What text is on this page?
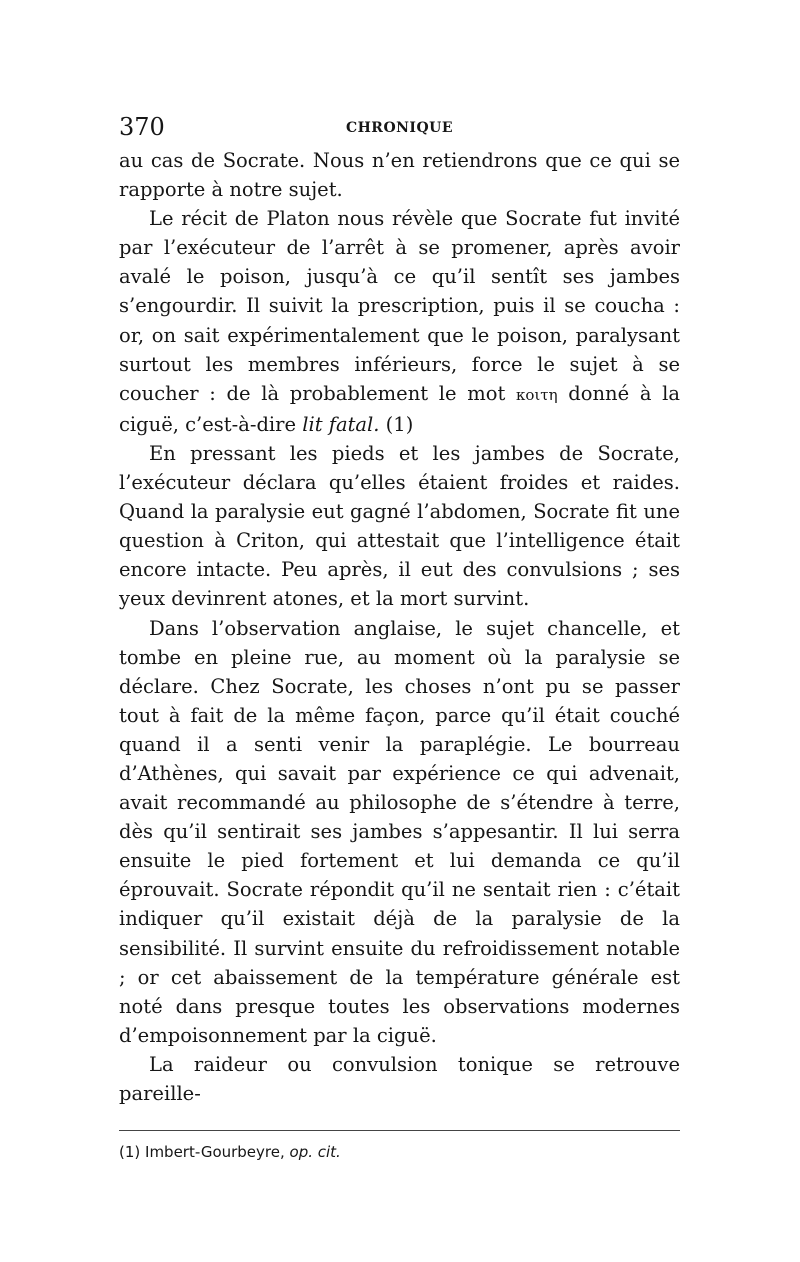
370	CHRONIQUE

au cas de Socrate. Nous n’en retiendrons que ce qui se rapporte à notre sujet.

Le récit de Platon nous révèle que Socrate fut invité par l’exécuteur de l’arrêt à se promener, après avoir avalé le poison, jusqu’à ce qu’il sentît ses jambes s’engourdir. Il suivit la prescription, puis il se coucha : or, on sait expérimentalement que le poison, paralysant surtout les membres inférieurs, force le sujet à se coucher : de là probablement le mot κοιτη donné à la ciguë, c’est-à-dire lit fatal. (1)

En pressant les pieds et les jambes de Socrate, l’exécuteur déclara qu’elles étaient froides et raides. Quand la paralysie eut gagné l’abdomen, Socrate fit une question à Criton, qui attestait que l’intelligence était encore intacte. Peu après, il eut des convulsions ; ses yeux devinrent atones, et la mort survint.

Dans l’observation anglaise, le sujet chancelle, et tombe en pleine rue, au moment où la paralysie se déclare. Chez Socrate, les choses n’ont pu se passer tout à fait de la même façon, parce qu’il était couché quand il a senti venir la paraplégie. Le bourreau d’Athènes, qui savait par expérience ce qui advenait, avait recommandé au philosophe de s’étendre à terre, dès qu’il sentirait ses jambes s’appesantir. Il lui serra ensuite le pied fortement et lui demanda ce qu’il éprouvait. Socrate répondit qu’il ne sentait rien : c’était indiquer qu’il existait déjà de la paralysie de la sensibilité. Il survint ensuite du refroidissement notable ; or cet abaissement de la température générale est noté dans presque toutes les observations modernes d’empoisonnement par la ciguë.

La raideur ou convulsion tonique se retrouve pareille-

(1) Imbert-Gourbeyre, op. cit.
